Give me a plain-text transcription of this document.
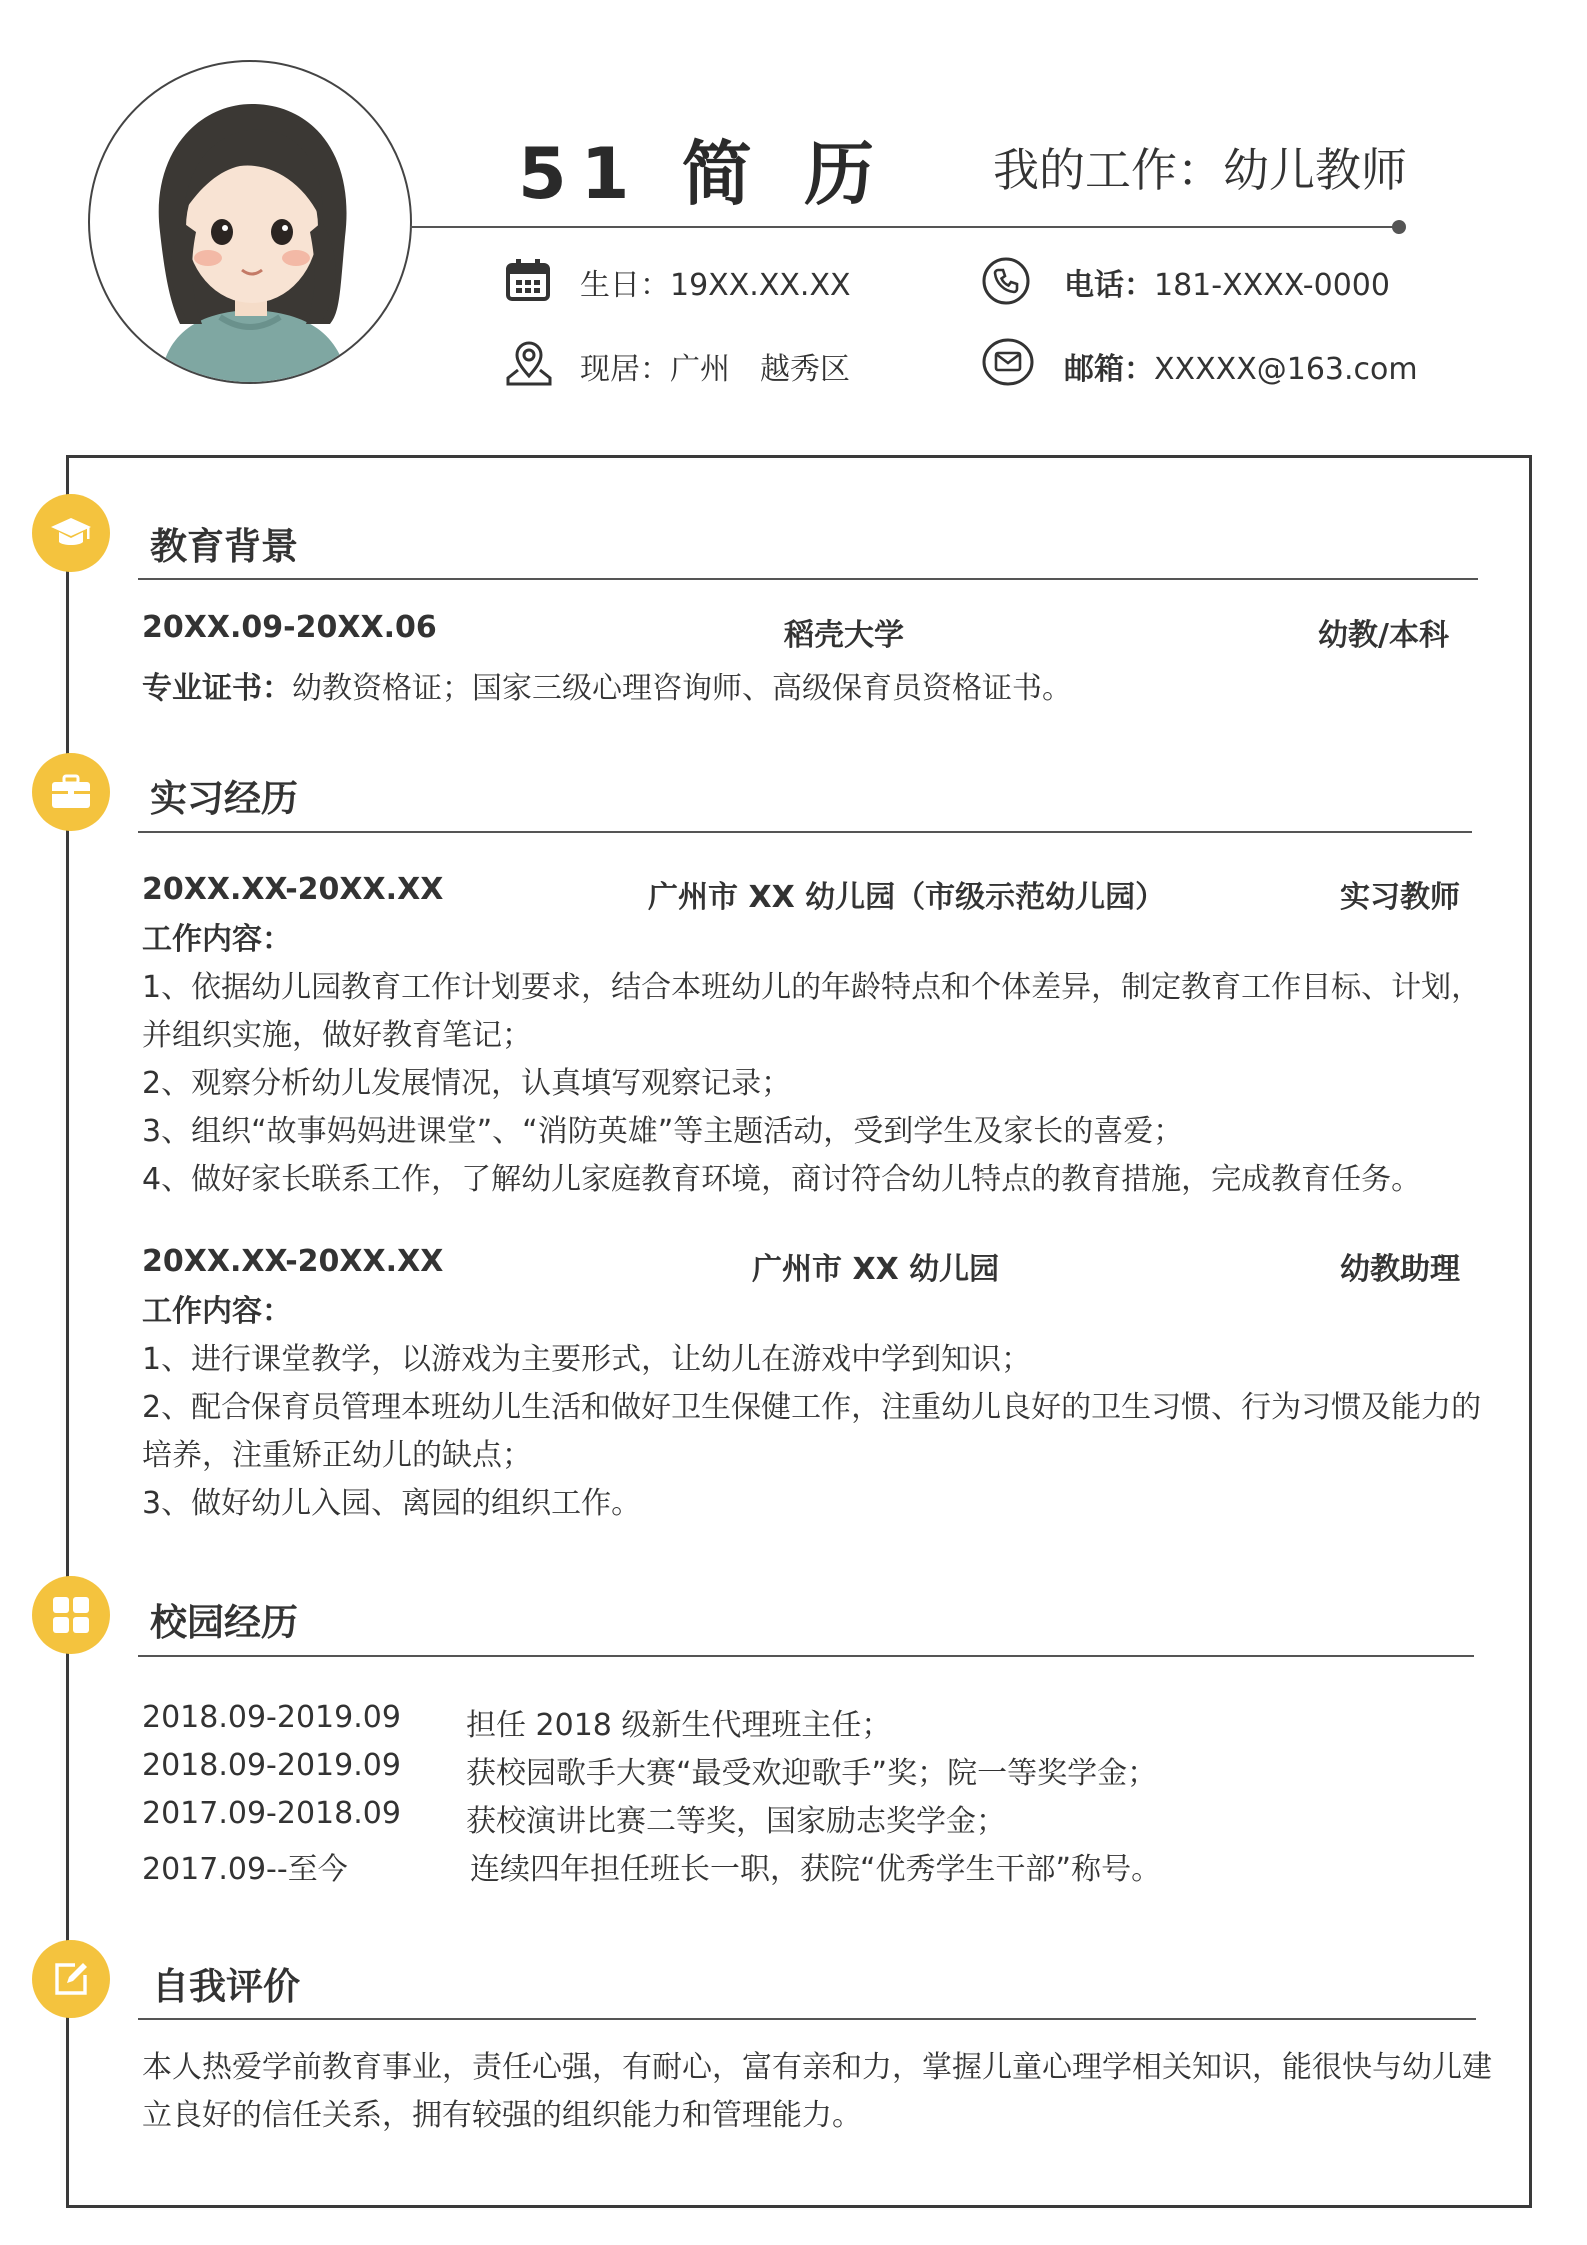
51 简 历 我的工作：幼儿教师
生日：19XX.XX.XX	电话：181-XXXX-0000
现居：广州　越秀区	邮箱：XXXXX@163.com
教育背景
20XX.09-20XX.06	稻壳大学	幼教/本科

专业证书：幼教资格证；国家三级心理咨询师、高级保育员资格证书。

实习经历
20XX.XX-20XX.XX	广州市 XX 幼儿园（市级示范幼儿园）	实习教师

工作内容：

1、依据幼儿园教育工作计划要求，结合本班幼儿的年龄特点和个体差异，制定教育工作目标、计划，

并组织实施，做好教育笔记；

2、观察分析幼儿发展情况，认真填写观察记录；

3、组织“故事妈妈进课堂”、“消防英雄”等主题活动，受到学生及家长的喜爱；

4、做好家长联系工作，了解幼儿家庭教育环境，商讨符合幼儿特点的教育措施，完成教育任务。

20XX.XX-20XX.XX	广州市 XX 幼儿园	幼教助理

工作内容：

1、进行课堂教学，以游戏为主要形式，让幼儿在游戏中学到知识；

2、配合保育员管理本班幼儿生活和做好卫生保健工作，注重幼儿良好的卫生习惯、行为习惯及能力的

培养，注重矫正幼儿的缺点；

3、做好幼儿入园、离园的组织工作。

校园经历
2018.09-2019.09 担任 2018 级新生代理班主任；
2018.09-2019.09 获校园歌手大赛“最受欢迎歌手”奖；院一等奖学金；
2017.09-2018.09 获校演讲比赛二等奖，国家励志奖学金；
2017.09--至今	连续四年担任班长一职，获院“优秀学生干部”称号。
自我评价

本人热爱学前教育事业，责任心强，有耐心，富有亲和力，掌握儿童心理学相关知识，能很快与幼儿建

立良好的信任关系，拥有较强的组织能力和管理能力。
